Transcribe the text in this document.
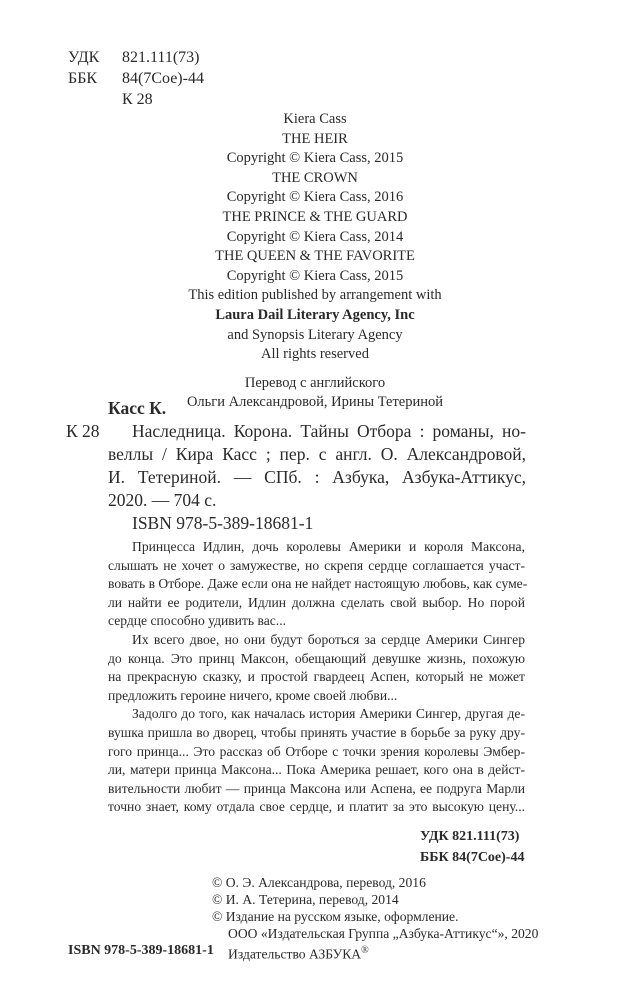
УДК 821.111(73)
ББК 84(7Сое)-44
К 28
Kiera Cass
THE HEIR
Copyright © Kiera Cass, 2015
THE CROWN
Copyright © Kiera Cass, 2016
THE PRINCE & THE GUARD
Copyright © Kiera Cass, 2014
THE QUEEN & THE FAVORITE
Copyright © Kiera Cass, 2015
This edition published by arrangement with
Laura Dail Literary Agency, Inc
and Synopsis Literary Agency
All rights reserved
Перевод с английского
Ольги Александровой, Ирины Тетериной
Касс К.
К 28	Наследница. Корона. Тайны Отбора : романы, но-
веллы / Кира Касс ; пер. с англ. О. Александровой,
И. Тетериной. — СПб. : Азбука, Азбука-Аттикус,
2020. — 704 с.
ISBN 978-5-389-18681-1
Принцесса Идлин, дочь королевы Америки и короля Максона,
слышать не хочет о замужестве, но скрепя сердце соглашается участ-
вовать в Отборе. Даже если она не найдет настоящую любовь, как суме-
ли найти ее родители, Идлин должна сделать свой выбор. Но порой
сердце способно удивить вас...
Их всего двое, но они будут бороться за сердце Америки Сингер
до конца. Это принц Максон, обещающий девушке жизнь, похожую
на прекрасную сказку, и простой гвардеец Аспен, который не может
предложить героине ничего, кроме своей любви...
Задолго до того, как началась история Америки Сингер, другая де-
вушка пришла во дворец, чтобы принять участие в борьбе за руку дру-
гого принца... Это рассказ об Отборе с точки зрения королевы Эмбер-
ли, матери принца Максона... Пока Америка решает, кого она в дейст-
вительности любит — принца Максона или Аспена, ее подруга Марли
точно знает, кому отдала свое сердце, и платит за это высокую цену...
УДК 821.111(73)
ББК 84(7Сое)-44
© О. Э. Александрова, перевод, 2016
© И. А. Тетерина, перевод, 2014
© Издание на русском языке, оформление.
ООО «Издательская Группа „Азбука-Аттикус“», 2020
Издательство АЗБУКА®
ISBN 978-5-389-18681-1
